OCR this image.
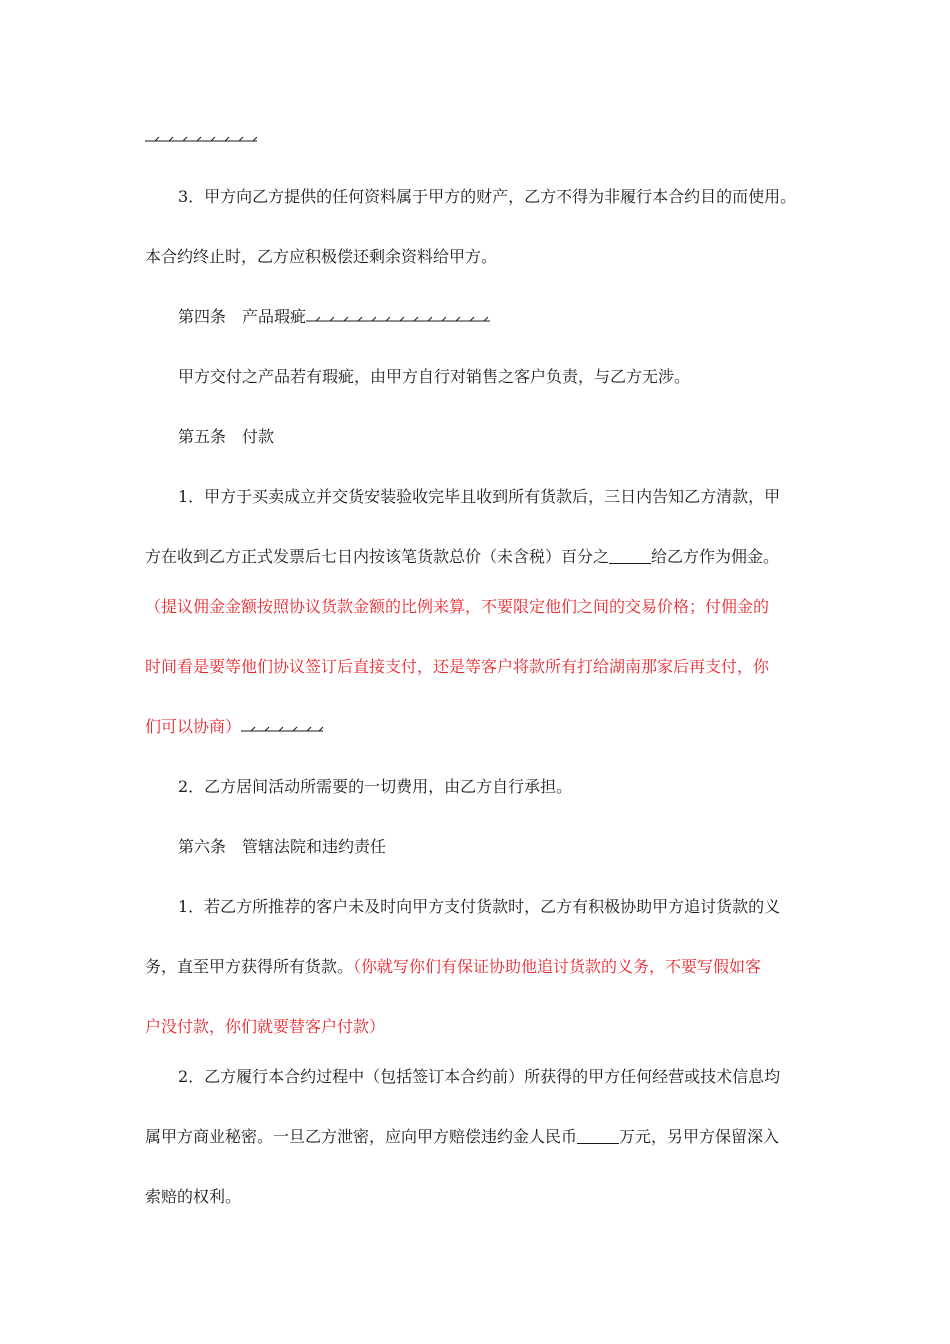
3．甲方向乙方提供的任何资料属于甲方的财产，乙方不得为非履行本合约目的而使用。
本合约终止时，乙方应积极偿还剩余资料给甲方。
第四条　产品瑕疵
甲方交付之产品若有瑕疵，由甲方自行对销售之客户负责，与乙方无涉。
第五条　付款
1．甲方于买卖成立并交货安装验收完毕且收到所有货款后，三日内告知乙方清款，甲
方在收到乙方正式发票后七日内按该笔货款总价（未含税）百分之	给乙方作为佣金。
（提议佣金金额按照协议货款金额的比例来算，不要限定他们之间的交易价格；付佣金的
时间看是要等他们协议签订后直接支付，还是等客户将款所有打给湖南那家后再支付，你
们可以协商）
2．乙方居间活动所需要的一切费用，由乙方自行承担。
第六条　管辖法院和违约责任
1．若乙方所推荐的客户未及时向甲方支付货款时，乙方有积极协助甲方追讨货款的义
务，直至甲方获得所有货款。（你就写你们有保证协助他追讨货款的义务，不要写假如客
户没付款，你们就要替客户付款）
2．乙方履行本合约过程中（包括签订本合约前）所获得的甲方任何经营或技术信息均
属甲方商业秘密。一旦乙方泄密，应向甲方赔偿违约金人民币	万元，另甲方保留深入
索赔的权利。
